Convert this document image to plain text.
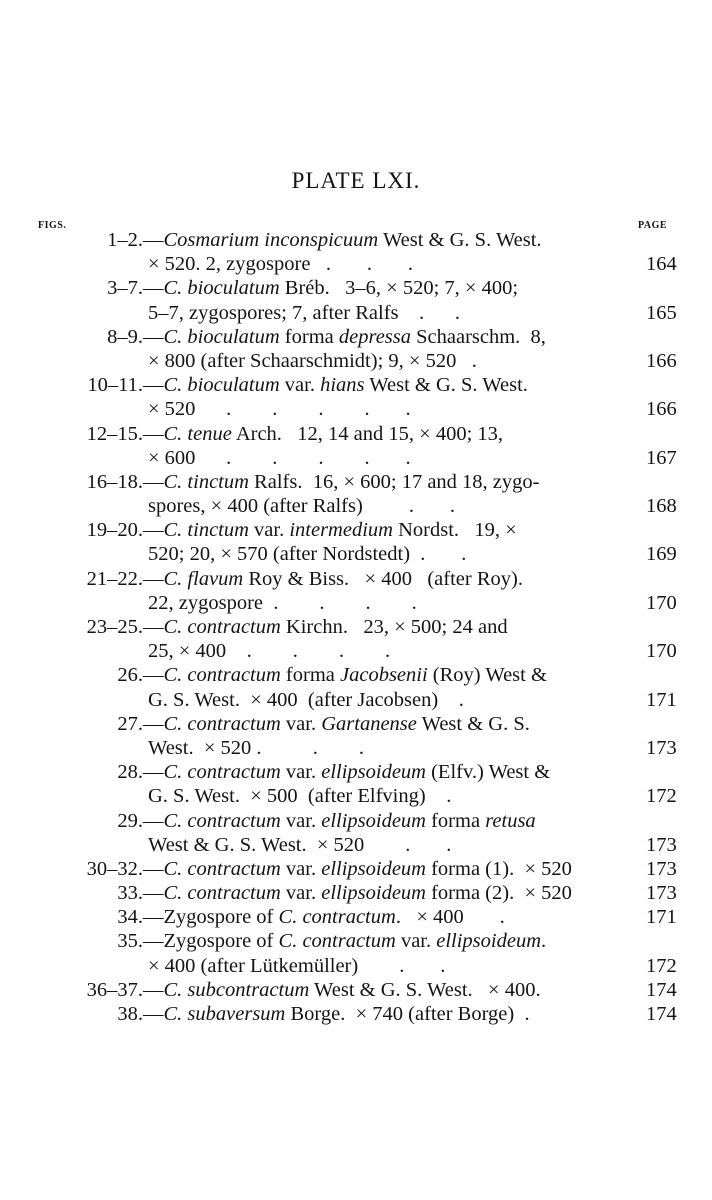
PLATE LXI.
FIGS.	PAGE
1–2. —Cosmarium inconspicuum West & G. S. West.
× 520. 2, zygospore   .       .       .	164
3–7. —C. bioculatum Bréb.   3–6, × 520; 7, × 400;
5–7, zygospores; 7, after Ralfs    .      .	165
8–9. —C. bioculatum forma depressa Schaarschm.  8,
× 800 (after Schaarschmidt); 9, × 520   .	166
10–11. —C. bioculatum var. hians West & G. S. West.
× 520      .        .        .        .       .	166
12–15. —C. tenue Arch.   12, 14 and 15, × 400; 13,
× 600      .        .        .        .       .	167
16–18. —C. tinctum Ralfs.  16, × 600; 17 and 18, zygo-
spores, × 400 (after Ralfs)         .       .	168
19–20. —C. tinctum var. intermedium Nordst.   19, ×
520; 20, × 570 (after Nordstedt)  .       .	169
21–22. —C. flavum Roy & Biss.   × 400   (after Roy).
22, zygospore  .        .        .        .	170
23–25. —C. contractum Kirchn.   23, × 500; 24 and
25, × 400    .        .        .        .	170
26. —C. contractum forma Jacobsenii (Roy) West &
G. S. West.  × 400  (after Jacobsen)    .	171
27. —C. contractum var. Gartanense West & G. S.
West.  × 520 .          .        .	173
28. —C. contractum var. ellipsoideum (Elfv.) West &
G. S. West.  × 500  (after Elfving)    .	172
29. —C. contractum var. ellipsoideum forma retusa
West & G. S. West.  × 520        .       .	173
30–32. —C. contractum var. ellipsoideum forma (1).  × 520	173
33. —C. contractum var. ellipsoideum forma (2).  × 520	173
34. —Zygospore of C. contractum.   × 400       .	171
35. —Zygospore of C. contractum var. ellipsoideum.
× 400 (after Lütkemüller)        .       .	172
36–37. —C. subcontractum West & G. S. West.   × 400.	174
38. —C. subaversum Borge.  × 740 (after Borge)  .	174
